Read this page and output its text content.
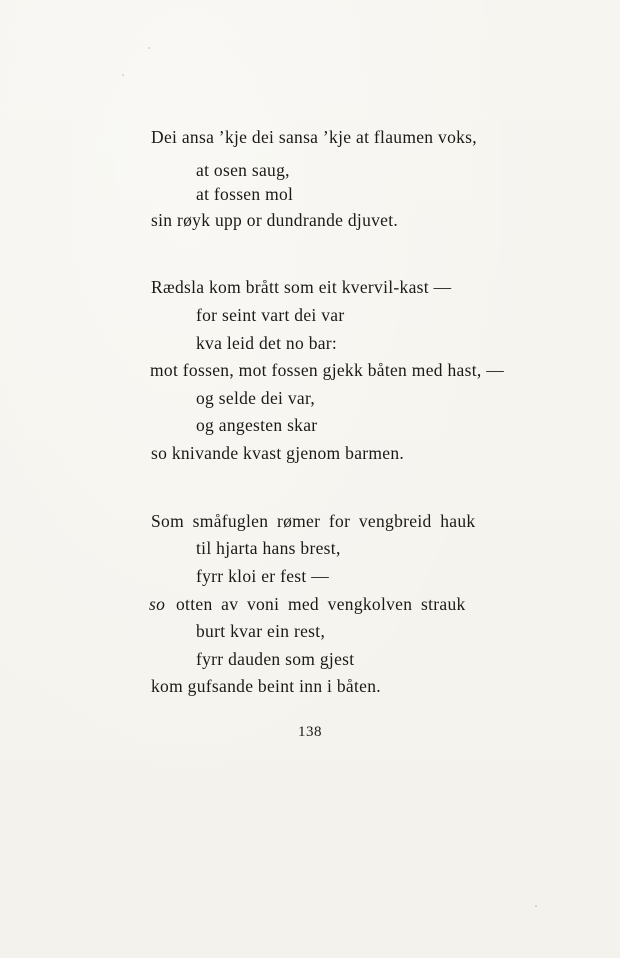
Dei ansa ’kje dei sansa ’kje at flaumen voks,
at osen saug,
at fossen mol
sin røyk upp or dundrande djuvet.
Rædsla kom brått som eit kvervil-kast —
for seint vart dei var
kva leid det no bar:
mot fossen, mot fossen gjekk båten med hast, —
og selde dei var,
og angesten skar
so knivande kvast gjenom barmen.
Som småfuglen rømer for vengbreid hauk
til hjarta hans brest,
fyrr kloi er fest —
so otten av voni med vengkolven strauk
burt kvar ein rest,
fyrr dauden som gjest
kom gufsande beint inn i båten.
138
